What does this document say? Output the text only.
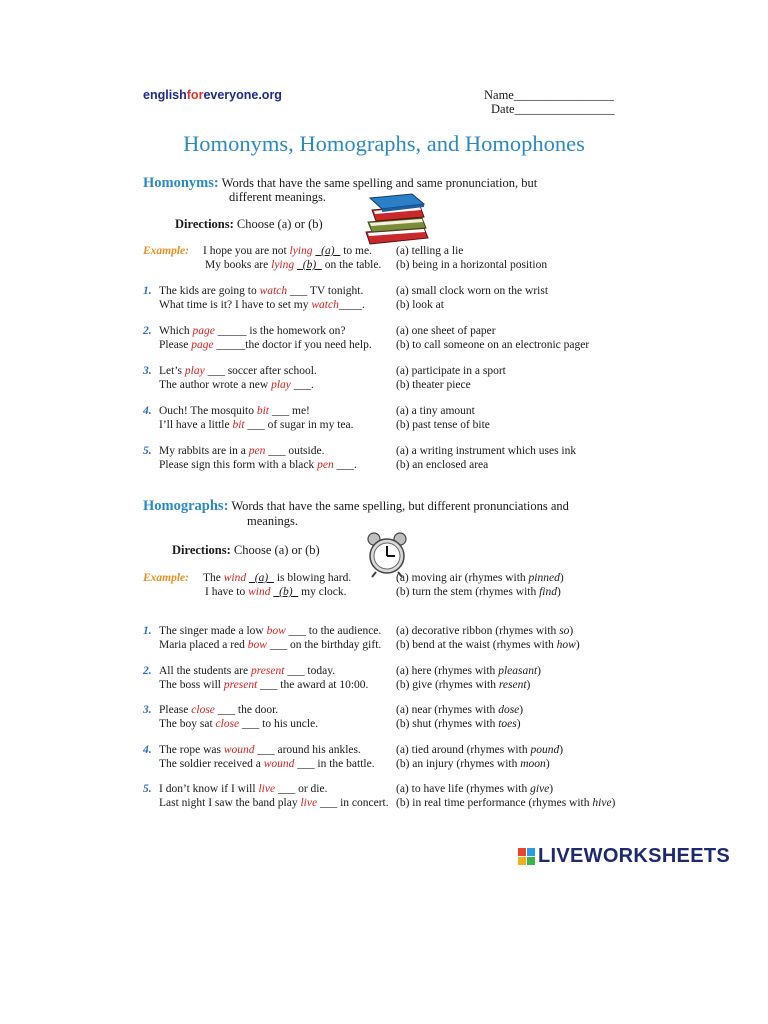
englishforeveryone.org	Name________________
Date________________
Homonyms, Homographs, and Homophones
Homonyms: Words that have the same spelling and same pronunciation, but
different meanings.
Directions: Choose (a) or (b)
Example: I hope you are not lying   (a)   to me.
My books are lying   (b)   on the table.
(a) telling a lie
(b) being in a horizontal position
1. The kids are going to watch ___ TV tonight.
What time is it? I have to set my watch____.
(a) small clock worn on the wrist
(b) look at
2. Which page _____ is the homework on?
Please page _____the doctor if you need help.
(a) one sheet of paper
(b) to call someone on an electronic pager
3. Let’s play ___ soccer after school.
The author wrote a new play ___.
(a) participate in a sport
(b) theater piece
4. Ouch! The mosquito bit ___ me!
I’ll have a little bit ___ of sugar in my tea.
(a) a tiny amount
(b) past tense of bite
5. My rabbits are in a pen ___ outside.
Please sign this form with a black pen ___.
(a) a writing instrument which uses ink
(b) an enclosed area
Homographs: Words that have the same spelling, but different pronunciations and
meanings.
Directions: Choose (a) or (b)
Example: The wind   (a)   is blowing hard.
I have to wind   (b)   my clock.
(a) moving air (rhymes with pinned)
(b) turn the stem (rhymes with find)
1. The singer made a low bow ___ to the audience.
Maria placed a red bow ___ on the birthday gift.
(a) decorative ribbon (rhymes with so)
(b) bend at the waist (rhymes with how)
2. All the students are present ___ today.
The boss will present ___ the award at 10:00.
(a) here (rhymes with pleasant)
(b) give (rhymes with resent)
3. Please close ___ the door.
The boy sat close ___ to his uncle.
(a) near (rhymes with dose)
(b) shut (rhymes with toes)
4. The rope was wound ___ around his ankles.
The soldier received a wound ___ in the battle.
(a) tied around (rhymes with pound)
(b) an injury (rhymes with moon)
5. I don’t know if I will live ___ or die.
Last night I saw the band play live ___ in concert.
(a) to have life (rhymes with give)
(b) in real time performance (rhymes with hive)
LIVEWORKSHEETS
